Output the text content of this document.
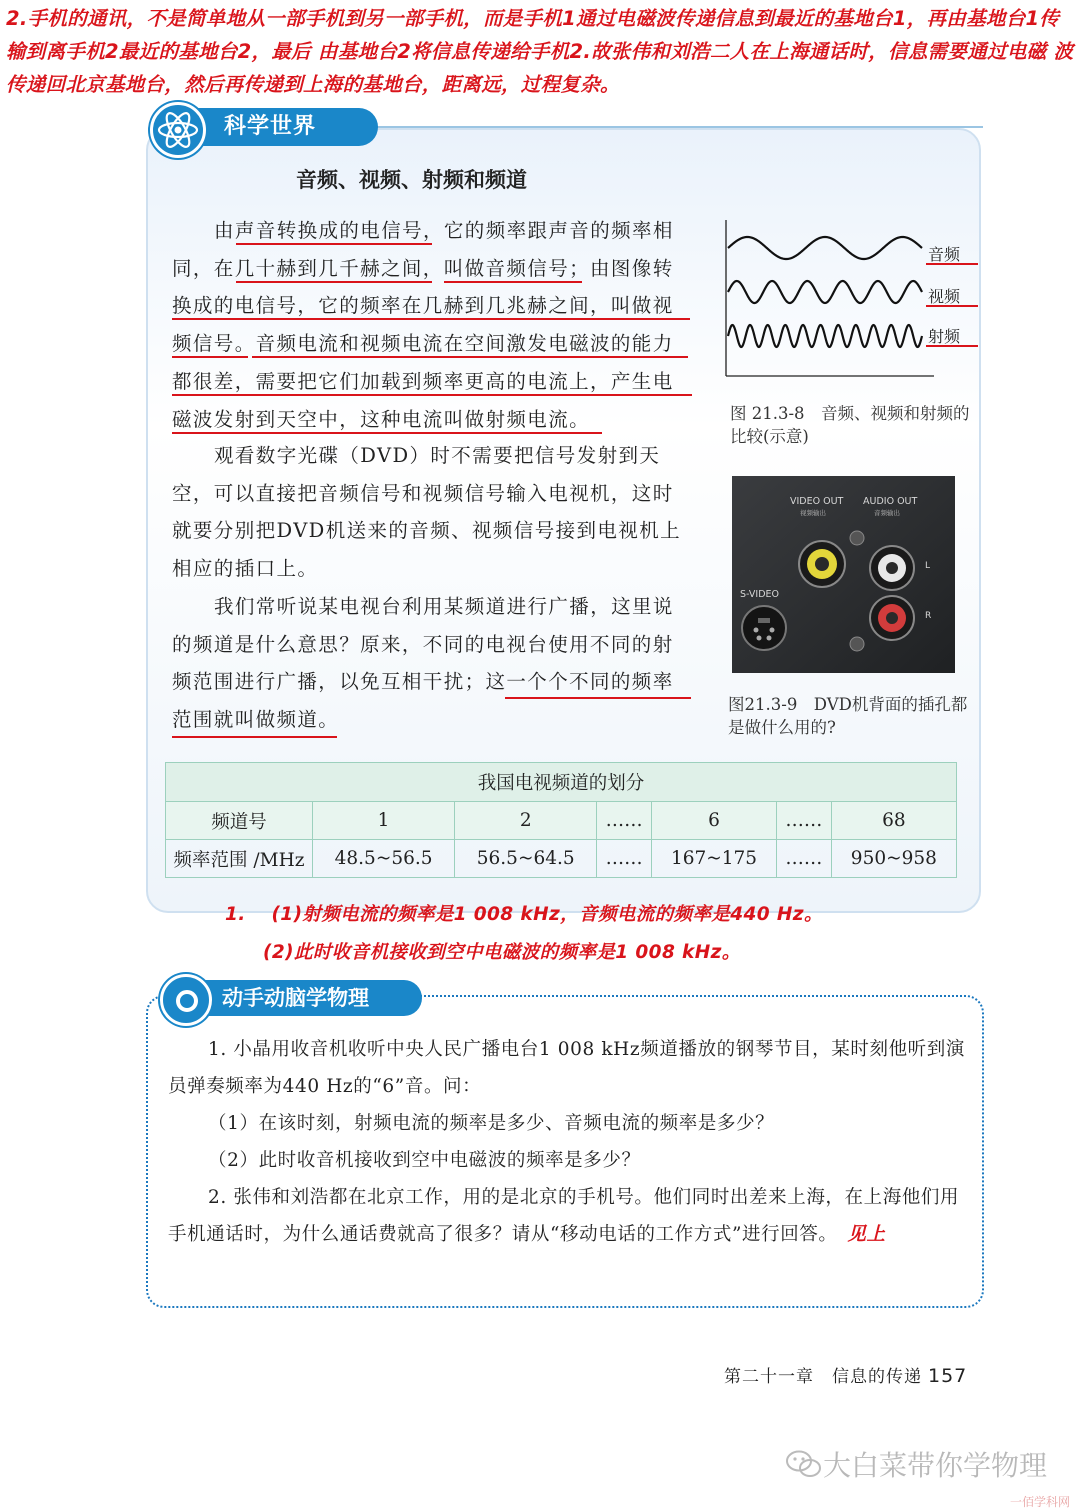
2.手机的通讯，不是简单地从一部手机到另一部手机，而是手机1通过电磁波传递信息到最近的基地台1，再由基地台1传输到离手机2最近的基地台2，最后 由基地台2将信息传递给手机2.故张伟和刘浩二人在上海通话时，信息需要通过电磁 波传递回北京基地台，然后再传递到上海的基地台，距离远，过程复杂。
科学世界
音频、视频、射频和频道
由声音转换成的电信号，它的频率跟声音的频率相同，在几十赫到几千赫之间，叫做音频信号；由图像转换成的电信号，它的频率在几赫到几兆赫之间，叫做视频信号。音频电流和视频电流在空间激发电磁波的能力都很差，需要把它们加载到频率更高的电流上，产生电磁波发射到天空中，这种电流叫做射频电流。
观看数字光碟（DVD）时不需要把信号发射到天空，可以直接把音频信号和视频信号输入电视机，这时就要分别把DVD机送来的音频、视频信号接到电视机上相应的插口上。
我们常听说某电视台利用某频道进行广播，这里说的频道是什么意思？原来，不同的电视台使用不同的射频范围进行广播，以免互相干扰；这一个个不同的频率范围就叫做频道。
音频
视频
射频
图 21.3-8　音频、视频和射频的比较(示意)
VIDEO OUT
视频输出
AUDIO OUT
音频输出
S-VIDEO
L
R
图21.3-9　DVD机背面的插孔都是做什么用的?
我国电视频道的划分						
频道号	1	2	……	6	……	68
频率范围 /MHz	48.5~56.5	56.5~64.5	……	167~175	……	950~958
1.　 (1)射频电流的频率是1 008 kHz，音频电流的频率是440 Hz。
(2)此时收音机接收到空中电磁波的频率是1 008 kHz。
动手动脑学物理
1. 小晶用收音机收听中央人民广播电台1 008 kHz频道播放的钢琴节目，某时刻他听到演员弹奏频率为440 Hz的“6”音。问：
（1）在该时刻，射频电流的频率是多少、音频电流的频率是多少？
（2）此时收音机接收到空中电磁波的频率是多少？
2. 张伟和刘浩都在北京工作，用的是北京的手机号。他们同时出差来上海，在上海他们用手机通话时，为什么通话费就高了很多？请从“移动电话的工作方式”进行回答。　 见上
第二十一章　信息的传递 157
大白菜带你学物理
一佰学科网
